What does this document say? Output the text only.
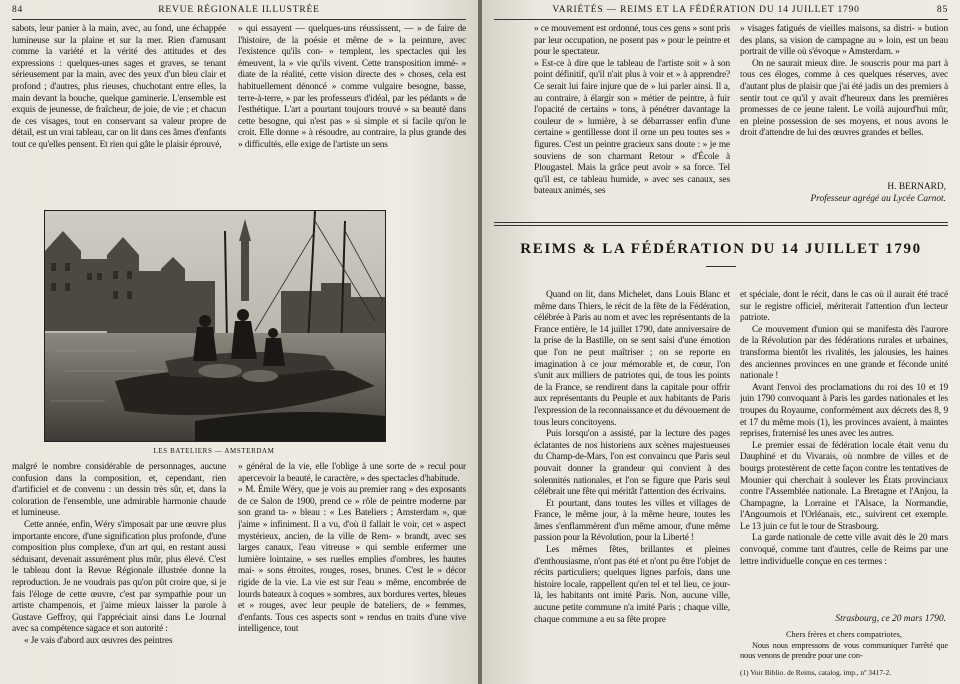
84	REVUE RÉGIONALE ILLUSTRÉE

sabots, leur panier à la main, avec, au fond, une échappée lumineuse sur la plaine et sur la mer. Rien d'amusant comme la variété et la vérité des attitudes et des expressions : quelques-unes sages et graves, se tenant sérieusement par la main, avec des yeux d'un bleu clair et profond ; d'autres, plus rieuses, chuchotant entre elles, la main devant la bouche, quelque gaminerie. L'ensemble est exquis de jeunesse, de fraîcheur, de joie, de vie ; et chacun de ces visages, tout en conservant sa valeur propre de détail, est un vrai tableau, car on lit dans ces âmes d'enfants tout ce qu'elles pensent. Et rien qui gâte le plaisir éprouvé,

» qui essayent — quelques-uns réussissent, — » de faire de l'histoire, de la poésie et même de » la peinture, avec l'existence qu'ils con- » templent, les spectacles qui les émeuvent, la » vie qu'ils vivent. Cette transposition immé- » diate de la réalité, cette vision directe des » choses, cela est habituellement dénoncé » comme vulgaire besogne, basse, terre-à-terre, » par les professeurs d'idéal, par les pédants » de l'esthétique. L'art a pourtant toujours trouvé » sa beauté dans cette besogne, qui n'est pas » si simple et si facile qu'on le croit. Elle donne » à résoudre, au contraire, la plus grande des » difficultés, elle exige de l'artiste un sens

LES BATELIERS — AMSTERDAM

malgré le nombre considérable de personnages, aucune confusion dans la composition, et, cependant, rien d'artificiel et de convenu : un dessin très sûr, et, dans la coloration de l'ensemble, une admirable harmonie chaude et lumineuse.

Cette année, enfin, Wéry s'imposait par une œuvre plus importante encore, d'une signification plus profonde, d'une composition plus complexe, d'un art qui, en restant aussi séduisant, devenait assurément plus mûr, plus élevé. C'est le tableau dont la Revue Régionale illustrée donne la reproduction. Je ne voudrais pas qu'on pût croire que, si je fais l'éloge de cette œuvre, c'est par sympathie pour un artiste champenois, et j'aime mieux laisser la parole à Gustave Geffroy, qui l'appréciait ainsi dans Le Journal avec sa compétence sagace et son autorité :

« Je vais d'abord aux œuvres des peintres

» général de la vie, elle l'oblige à une sorte de » recul pour apercevoir la beauté, le caractère, » des spectacles d'habitude.

» M. Émile Wéry, que je vois au premier rang » des exposants de ce Salon de 1900, prend ce » rôle de peintre moderne par son grand ta- » bleau : « Les Bateliers ; Amsterdam », que j'aime » infiniment. Il a vu, d'où il fallait le voir, cet » aspect mystérieux, ancien, de la ville de Rem- » brandt, avec ses larges canaux, l'eau vitreuse » qui semble enfermer une lumière lointaine, » ses ruelles emplies d'ombres, les hautes mai- » sons étroites, rouges, roses, brunes. C'est le » décor rigide de la vie. La vie est sur l'eau » même, encombrée de lourds bateaux à coques » sombres, aux bordures vertes, bleues et » rouges, avec leur peuple de bateliers, de » femmes, d'enfants. Tous ces aspects sont » rendus en traits d'une vive intelligence, tout

VARIÉTÉS — REIMS ET LA FÉDÉRATION DU 14 JUILLET 1790	85

» ce mouvement est ordonné, tous ces gens » sont pris par leur occupation, ne posent pas » pour le peintre et pour le spectateur.

» Est-ce à dire que le tableau de l'artiste soit » à son point définitif, qu'il n'ait plus à voir et » à apprendre? Ce serait lui faire injure que de » lui parler ainsi. Il a, au contraire, à élargir son » métier de peintre, à fuir l'opacité de certains » tons, à pénétrer davantage la couleur de » lumière, à se débarrasser enfin d'une certaine » gentillesse dont il orne un peu toutes ses » figures. C'est un peintre gracieux sans doute : » je me souviens de son charmant Retour » d'École à Plougastel. Mais la grâce peut avoir » sa force. Tel qu'il est, ce tableau humide, » avec ses canaux, ses bateaux animés, ses

» visages fatigués de vieilles maisons, sa distri- » bution des plans, sa vision de campagne au » loin, est un beau portrait de ville où s'évoque » Amsterdam. »

On ne saurait mieux dire. Je souscris pour ma part à tous ces éloges, comme à ces quelques réserves, avec d'autant plus de plaisir que j'ai été jadis un des premiers à sentir tout ce qu'il y avait d'heureux dans les premières promesses de ce jeune talent. Le voilà aujourd'hui mûr, en pleine possession de ses moyens, et nous avons le droit d'attendre de lui des œuvres grandes et belles.

H. BERNARD,
Professeur agrégé au Lycée Carnot.
REIMS & LA FÉDÉRATION DU 14 JUILLET 1790

Quand on lit, dans Michelet, dans Louis Blanc et même dans Thiers, le récit de la fête de la Fédération, célébrée à Paris au nom et avec les représentants de la France entière, le 14 juillet 1790, date anniversaire de la prise de la Bastille, on se sent saisi d'une émotion que l'on ne peut maîtriser ; on se reporte en imagination à ce jour mémorable et, de cœur, l'on s'unit aux milliers de patriotes qui, de tous les points de la France, se rendirent dans la capitale pour offrir aux représentants du Peuple et aux habitants de Paris l'expression de la reconnaissance et du dévouement de tous leurs concitoyens.

Puis lorsqu'on a assisté, par la lecture des pages éclatantes de nos historiens aux scènes majestueuses du Champ-de-Mars, l'on est convaincu que Paris seul pouvait donner la grandeur qui convient à des solennités nationales, et l'on se figure que Paris seul célébrait une fête qui méritât l'attention des écrivains.

Et pourtant, dans toutes les villes et villages de France, le même jour, à la même heure, toutes les âmes s'enflammèrent d'un même amour, d'une même passion pour la Révolution, pour la Liberté !

Les mêmes fêtes, brillantes et pleines d'enthousiasme, n'ont pas été et n'ont pu être l'objet de récits particuliers; quelques lignes parfois, dans une histoire locale, rappellent qu'en tel et tel lieu, ce jour-là, les habitants ont imité Paris. Non, aucune ville, aucune petite commune n'a imité Paris ; chaque ville, chaque commune a eu sa fête propre

et spéciale, dont le récit, dans le cas où il aurait été tracé sur le registre officiel, mériterait l'attention d'un lecteur patriote.

Ce mouvement d'union qui se manifesta dès l'aurore de la Révolution par des fédérations rurales et urbaines, transforma bientôt les rivalités, les jalousies, les haines des anciennes provinces en une grande et féconde unité nationale !

Avant l'envoi des proclamations du roi des 10 et 19 juin 1790 convoquant à Paris les gardes nationales et les troupes du Royaume, conformément aux décrets des 8, 9 et 17 du même mois (1), les provinces avaient, à maintes reprises, fraternisé les unes avec les autres.

Le premier essai de fédération locale était venu du Dauphiné et du Vivarais, où nombre de villes et de bourgs protestèrent de cette façon contre les tentatives de Mounier qui cherchait à soulever les États provinciaux contre l'Assemblée nationale. La Bretagne et l'Anjou, la Champagne, la Lorraine et l'Alsace, la Normandie, l'Angoumois et l'Orléanais, etc., suivirent cet exemple. Le 13 juin ce fut le tour de Strasbourg.

La garde nationale de cette ville avait dès le 20 mars convoqué, comme tant d'autres, celle de Reims par une lettre individuelle conçue en ces termes :

Strasbourg, ce 20 mars 1790.

Chers frères et chers compatriotes,

Nous nous empressons de vous communiquer l'arrêté que nous venons de prendre pour une con-

(1) Voir Biblio. de Reims, catalog. imp., nº 3417-2.
